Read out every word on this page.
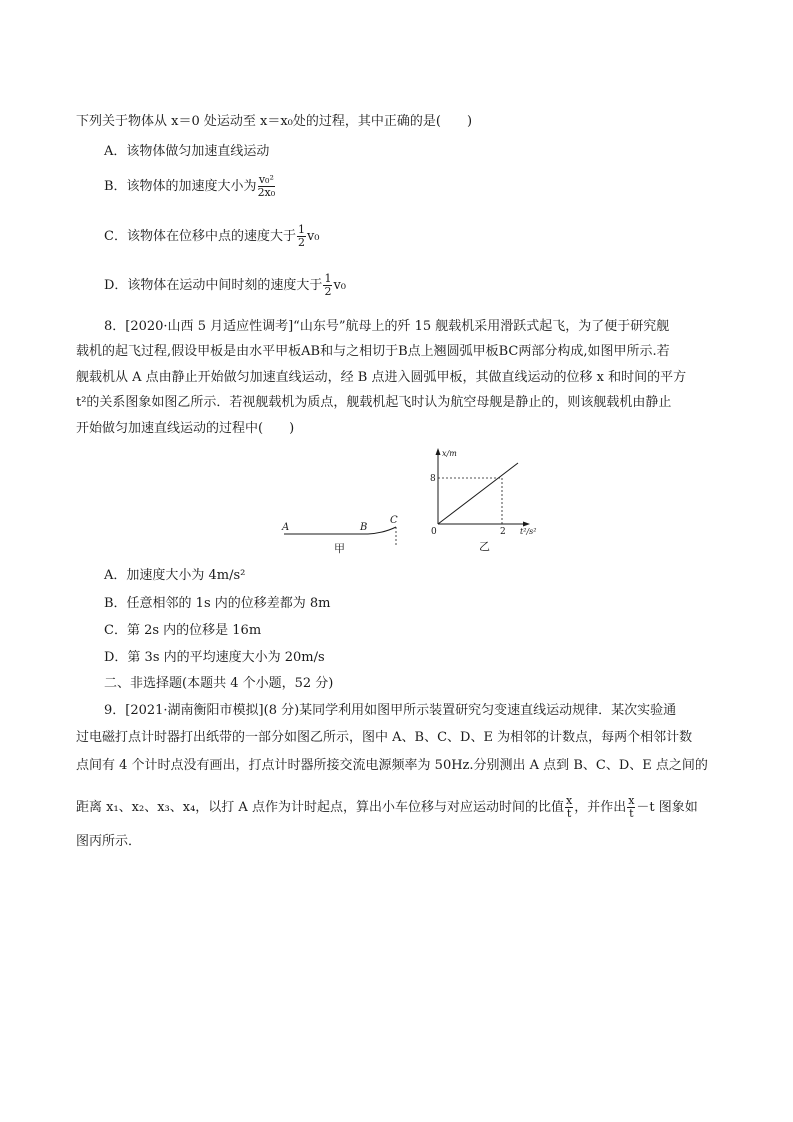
下列关于物体从 x＝0 处运动至 x＝x₀处的过程，其中正确的是(　　)
A．该物体做匀加速直线运动
B．该物体的加速度大小为 $\frac{\text{v₀²}}{\text{2x₀}}$
C．该物体在位移中点的速度大于 $\frac{1}{2} v_0$
D．该物体在运动中间时刻的速度大于 $\frac{1}{2} v_0$
8．[2020·山西 5 月适应性调考]“山东号”航母上的歼 15 舰载机采用滑跃式起飞，为了便于研究舰
载机的起飞过程,假设甲板是由水平甲板AB和与之相切于B点上翘圆弧甲板BC两部分构成,如图甲所示.若
舰载机从 A 点由静止开始做匀加速直线运动，经 B 点进入圆弧甲板，其做直线运动的位移 x 和时间的平方
t²的关系图象如图乙所示．若视舰载机为质点，舰载机起飞时认为航空母舰是静止的，则该舰载机由静止
开始做匀加速直线运动的过程中(　　)
A	B
C
甲
x/m
8
0	2 t²/s²
乙
A．加速度大小为 4m/s²
B．任意相邻的 1s 内的位移差都为 8m
C．第 2s 内的位移是 16m
D．第 3s 内的平均速度大小为 20m/s
二、非选择题(本题共 4 个小题，52 分)
9．[2021·湖南衡阳市模拟](8 分)某同学利用如图甲所示装置研究匀变速直线运动规律．某次实验通
过电磁打点计时器打出纸带的一部分如图乙所示，图中 A、B、C、D、E 为相邻的计数点，每两个相邻计数
点间有 4 个计时点没有画出，打点计时器所接交流电源频率为 50Hz.分别测出 A 点到 B、C、D、E 点之间的
距离 x₁、x₂、x₃、x₄，以打 A 点作为计时起点，算出小车位移与对应运动时间的比值 $\frac{x}{t}$ ，并作出 $\frac{x}{t} -t$ 图象如
图丙所示．
